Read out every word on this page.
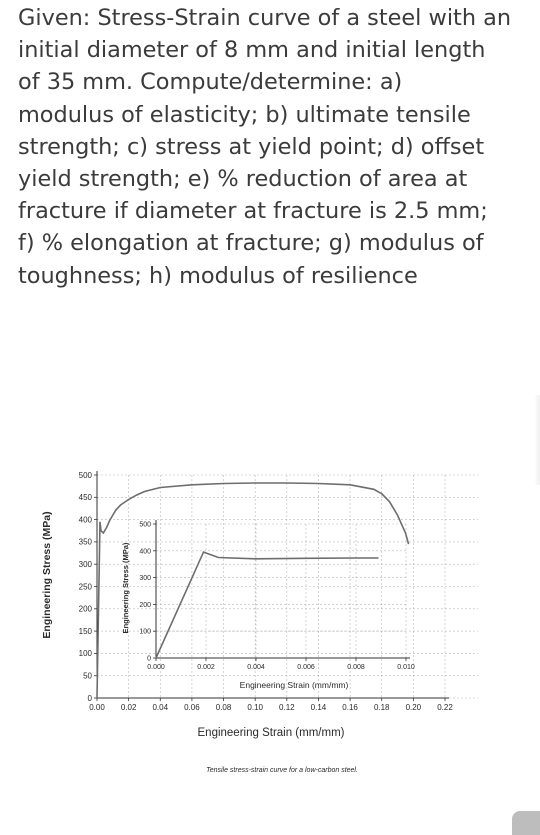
Given: Stress-Strain curve of a steel with an
initial diameter of 8 mm and initial length
of 35 mm. Compute/determine: a)
modulus of elasticity; b) ultimate tensile
strength; c) stress at yield point; d) offset
yield strength; e) % reduction of area at
fracture if diameter at fracture is 2.5 mm;
f) % elongation at fracture; g) modulus of
toughness; h) modulus of resilience
0
50
100
150
200
250
300
350
400
450
500
0.00 0.02 0.04 0.06 0.08 0.10 0.12 0.14 0.16 0.18 0.20 0.22
0
100
200
300
400
500
0.000	0.002	0.004	0.006	0.008	0.010
Engineering Stress (MPa)
Engineering Strain (mm/mm)
Engineering Stress (MPa)
Engineering Strain (mm/mm)
Tensile stress-strain curve for a low-carbon steel.
